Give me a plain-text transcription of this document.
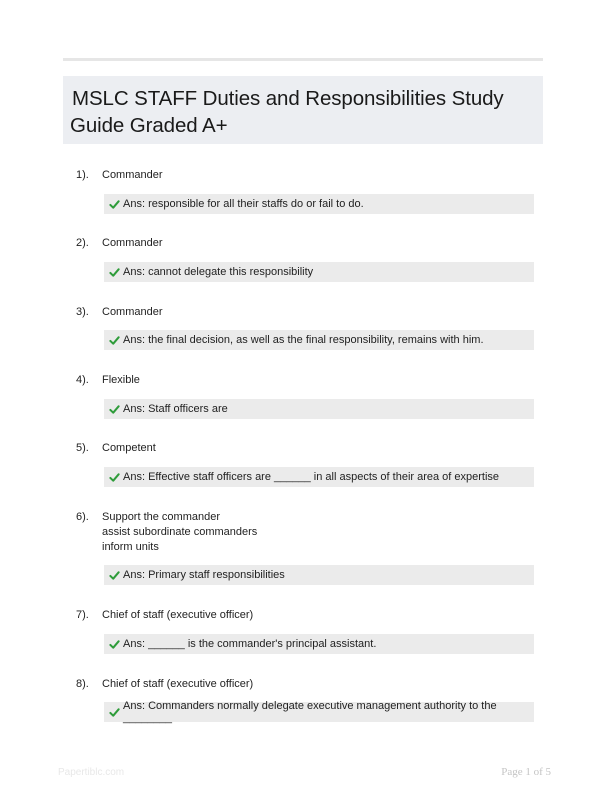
MSLC STAFF Duties and Responsibilities Study
Guide Graded A+
1). Commander
Ans: responsible for all their staffs do or fail to do.
2). Commander
Ans: cannot delegate this responsibility
3). Commander
Ans: the final decision, as well as the final responsibility, remains with him.
4). Flexible
Ans: Staff officers are
5). Competent
Ans: Effective staff officers are ______ in all aspects of their area of expertise
6). Support the commander
assist subordinate commanders
inform units
Ans: Primary staff responsibilities
7). Chief of staff (executive officer)
Ans: ______ is the commander's principal assistant.
8). Chief of staff (executive officer)
Ans: Commanders normally delegate executive management authority to the ________
Papertiblc.com	Page 1 of 5
